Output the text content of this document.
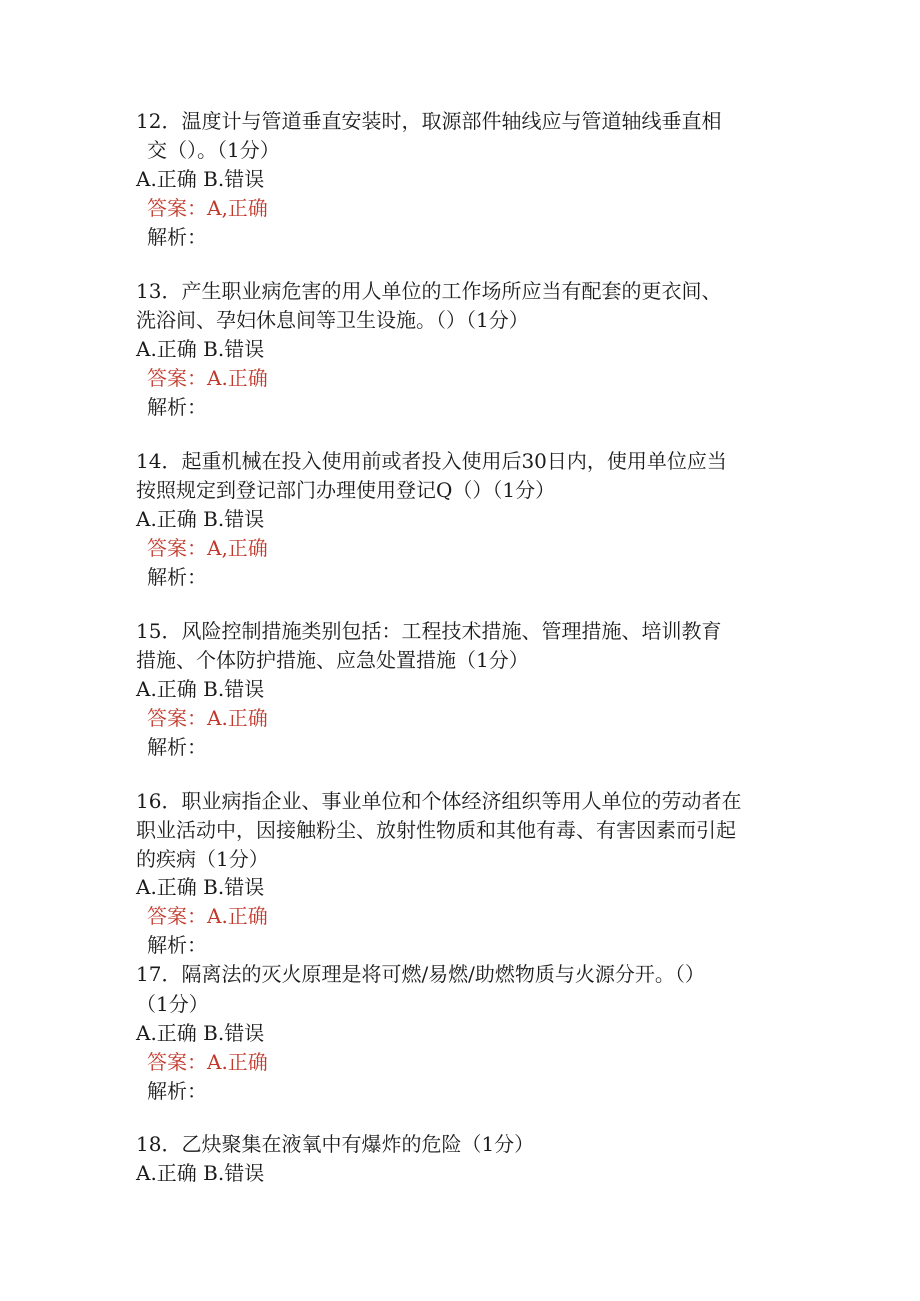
12．温度计与管道垂直安装时，取源部件轴线应与管道轴线垂直相
交（）。（1分）
A.正确 B.错误
答案：A,正确
解析：
13．产生职业病危害的用人单位的工作场所应当有配套的更衣间、
洗浴间、孕妇休息间等卫生设施。（）（1分）
A.正确 B.错误
答案：A.正确
解析：
14．起重机械在投入使用前或者投入使用后30日内，使用单位应当
按照规定到登记部门办理使用登记Q（）（1分）
A.正确 B.错误
答案：A,正确
解析：
15．风险控制措施类别包括：工程技术措施、管理措施、培训教育
措施、个体防护措施、应急处置措施（1分）
A.正确 B.错误
答案：A.正确
解析：
16．职业病指企业、事业单位和个体经济组织等用人单位的劳动者在
职业活动中，因接触粉尘、放射性物质和其他有毒、有害因素而引起
的疾病（1分）
A.正确 B.错误
答案：A.正确
解析：
17．隔离法的灭火原理是将可燃/易燃/助燃物质与火源分开。（）
（1分）
A.正确 B.错误
答案：A.正确
解析：
18．乙炔聚集在液氧中有爆炸的危险（1分）
A.正确 B.错误
